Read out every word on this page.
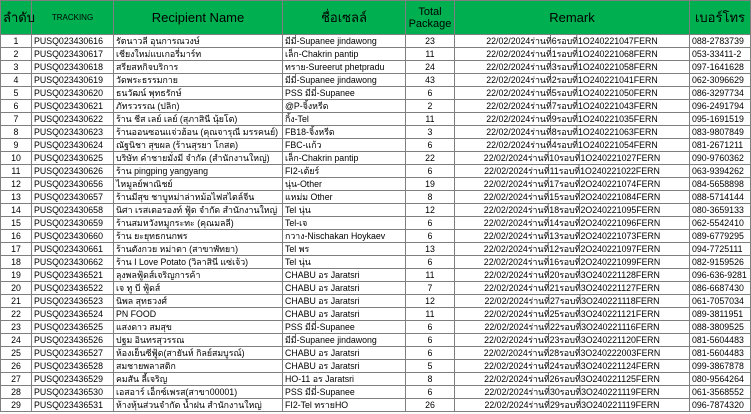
ลำดับ	TRACKING	Recipient Name	ชื่อเซลล์	Total Package	Remark	เบอร์โทร
1	PUSQ023430616	รัตนาวลี อุนการณวงษ์	มีมี่-Supanee jindawong	23	22/02/2024ร่านที่6รอบที่1O240221047FERN	088-2783739
2	PUSQ023430617	เชียงใหม่แบเกอรี่มาร์ท	เล็ก-Chakrin pantip	11	22/02/2024ร่านที่1รอบที่1O240221068FERN	053-33411-2
3	PUSQ023430618	สรียสหกิจบริการ	ทราย-Sureerut phetpradu	24	22/02/2024ร่านที่3รอบที่1O240221058FERN	097-1641628
4	PUSQ023430619	วัดพระธรรมกาย	มีมี่-Supanee jindawong	43	22/02/2024ร่านที่2รอบที่1O240221041FERN	062-3096629
5	PUSQ023430620	ธนวัฒน์ พุทธรักษ์	PSS มีมี่-Supanee	6	22/02/2024ร่านที่5รอบที่1O240221050FERN	086-3297734
6	PUSQ023430621	ภัทรวรรณ (ปลิก)	@P-จิ้งหรีด	2	22/02/2024ร่านที่7รอบที่1O240221043FERN	096-2491794
7	PUSQ023430622	ร้าน ชีส เลย์ เลย์ (สุภาสินี นุ้ยโต)	กิ้ง-Tel	11	22/02/2024ร่านที่9รอบที่1O240221035FERN	095-1691519
8	PUSQ023430623	ร้านออนซอนแจ่วฮ้อน (คุณจารุณี มรรคนย์)	FB18-จิ้งหรีด	3	22/02/2024ร่านที่8รอบที่1O240221063FERN	083-9807849
9	PUSQ023430624	ณัฐนิชา สุขผล (ร้านสุรยา โกสต)	FBC-แก้ว	6	22/02/2024ร่านที่4รอบที่1O240221054FERN	081-2671211
10	PUSQ023430625	บริษัท คำชายมั่งมี จำกัด (สำนักงานใหญ่)	เล็ก-Chakrin pantip	22	22/02/2024ร่านที่10รอบที่1O240221027FERN	090-9760362
11	PUSQ023430626	ร้าน pingping yangyang	FI2-เต้ยร์	6	22/02/2024ร่านที่11รอบที่1O240221022FERN	063-9394262
12	PUSQ023430656	ไหมูลย์พาณิชย์	นุ่น-Other	19	22/02/2024ร่านที่17รอบที่2O240221074FERN	084-5658898
13	PUSQ023430657	ร้านมีสุข ชาบูหม่าล่าหม้อไฟสไตล์จีน	แหม่ม Other	8	22/02/2024ร่านที่15รอบที่2O240221084FERN	088-5714144
14	PUSQ023430658	นิศา เรสเตอรองท์ ฟู้ด จำกัด สำนักงานใหญ่	Tel นุ่น	12	22/02/2024ร่านที่18รอบที่2O240221095FERN	080-3659133
15	PUSQ023430659	ร้านสมหวังหมูกระทะ (คุณมลลี)	Tel-เจ	6	22/02/2024ร่านที่14รอบที่2O240221096FERN	062-5542410
16	PUSQ023430660	ร้าน ยะยุทธกนกพร	กวาง-Nischakan Hoykaev	6	22/02/2024ร่านที่13รอบที่2O240221073FERN	089-6779295
17	PUSQ023430661	ร้านตังกวย หม่าตา (สาขาพัทยา)	Tel พร	13	22/02/2024ร่านที่12รอบที่2O240221097FERN	094-7725111
18	PUSQ023430662	ร้าน I Love Potato (วิลาสินี แซ่เจ้ว)	Tel นุ่น	6	22/02/2024ร่านที่16รอบที่2O240221099FERN	082-9159526
19	PUSQ023436521	ลุงพลฟู้ดส์เจริญการค้า	CHABU อร Jaratsri	11	22/02/2024ร่านที่20รอบที่3O240221128FERN	096-636-9281
20	PUSQ023436522	เจ ทู บี ฟู้ดส์	CHABU อร Jaratsri	7	22/02/2024ร่านที่21รอบที่3O240221127FERN	086-6687430
21	PUSQ023436523	นิพล สุทธวงศ์	CHABU อร Jaratsri	12	22/02/2024ร่านที่27รอบที่3O240221118FERN	061-7057034
22	PUSQ023436524	PN FOOD	CHABU อร Jaratsri	11	22/02/2024ร่านที่25รอบที่3O240221121FERN	089-3811951
23	PUSQ023436525	แสงดาว สมสุข	PSS มีมี่-Supanee	6	22/02/2024ร่านที่22รอบที่3O240221116FERN	088-3809525
24	PUSQ023436526	ปฐม อินทรสุวรรณ	มีมี่-Supanee jindawong	6	22/02/2024ร่านที่23รอบที่3O240221120FERN	081-5604483
25	PUSQ023436527	ห้องเย็นซีฟู้ด(สายันห์ กิลย์สมบูรณ์)	CHABU อร Jaratsri	6	22/02/2024ร่านที่28รอบที่3O240222003FERN	081-5604483
26	PUSQ023436528	สมชายพลาสติก	CHABU อร Jaratsri	5	22/02/2024ร่านที่24รอบที่3O240221124FERN	099-3867878
27	PUSQ023436529	คมสัน ลี้เจริญ	HO-11 อร Jaratsri	8	22/02/2024ร่านที่26รอบที่3O240221125FERN	080-9564264
28	PUSQ023436530	เอสอาร์ เอ็กซ์เพรส(สาขา00001)	PSS มีมี่-Supanee	6	22/02/2024ร่านที่30รอบที่3O240221119FERN	061-3568552
29	PUSQ023436531	ห้างหุ้นส่วนจำกัด น้ำฝน สำนักงานใหญ่	FI2-Tel ทรายHO	26	22/02/2024ร่านที่29รอบที่3O240221119FERN	096-7874320
